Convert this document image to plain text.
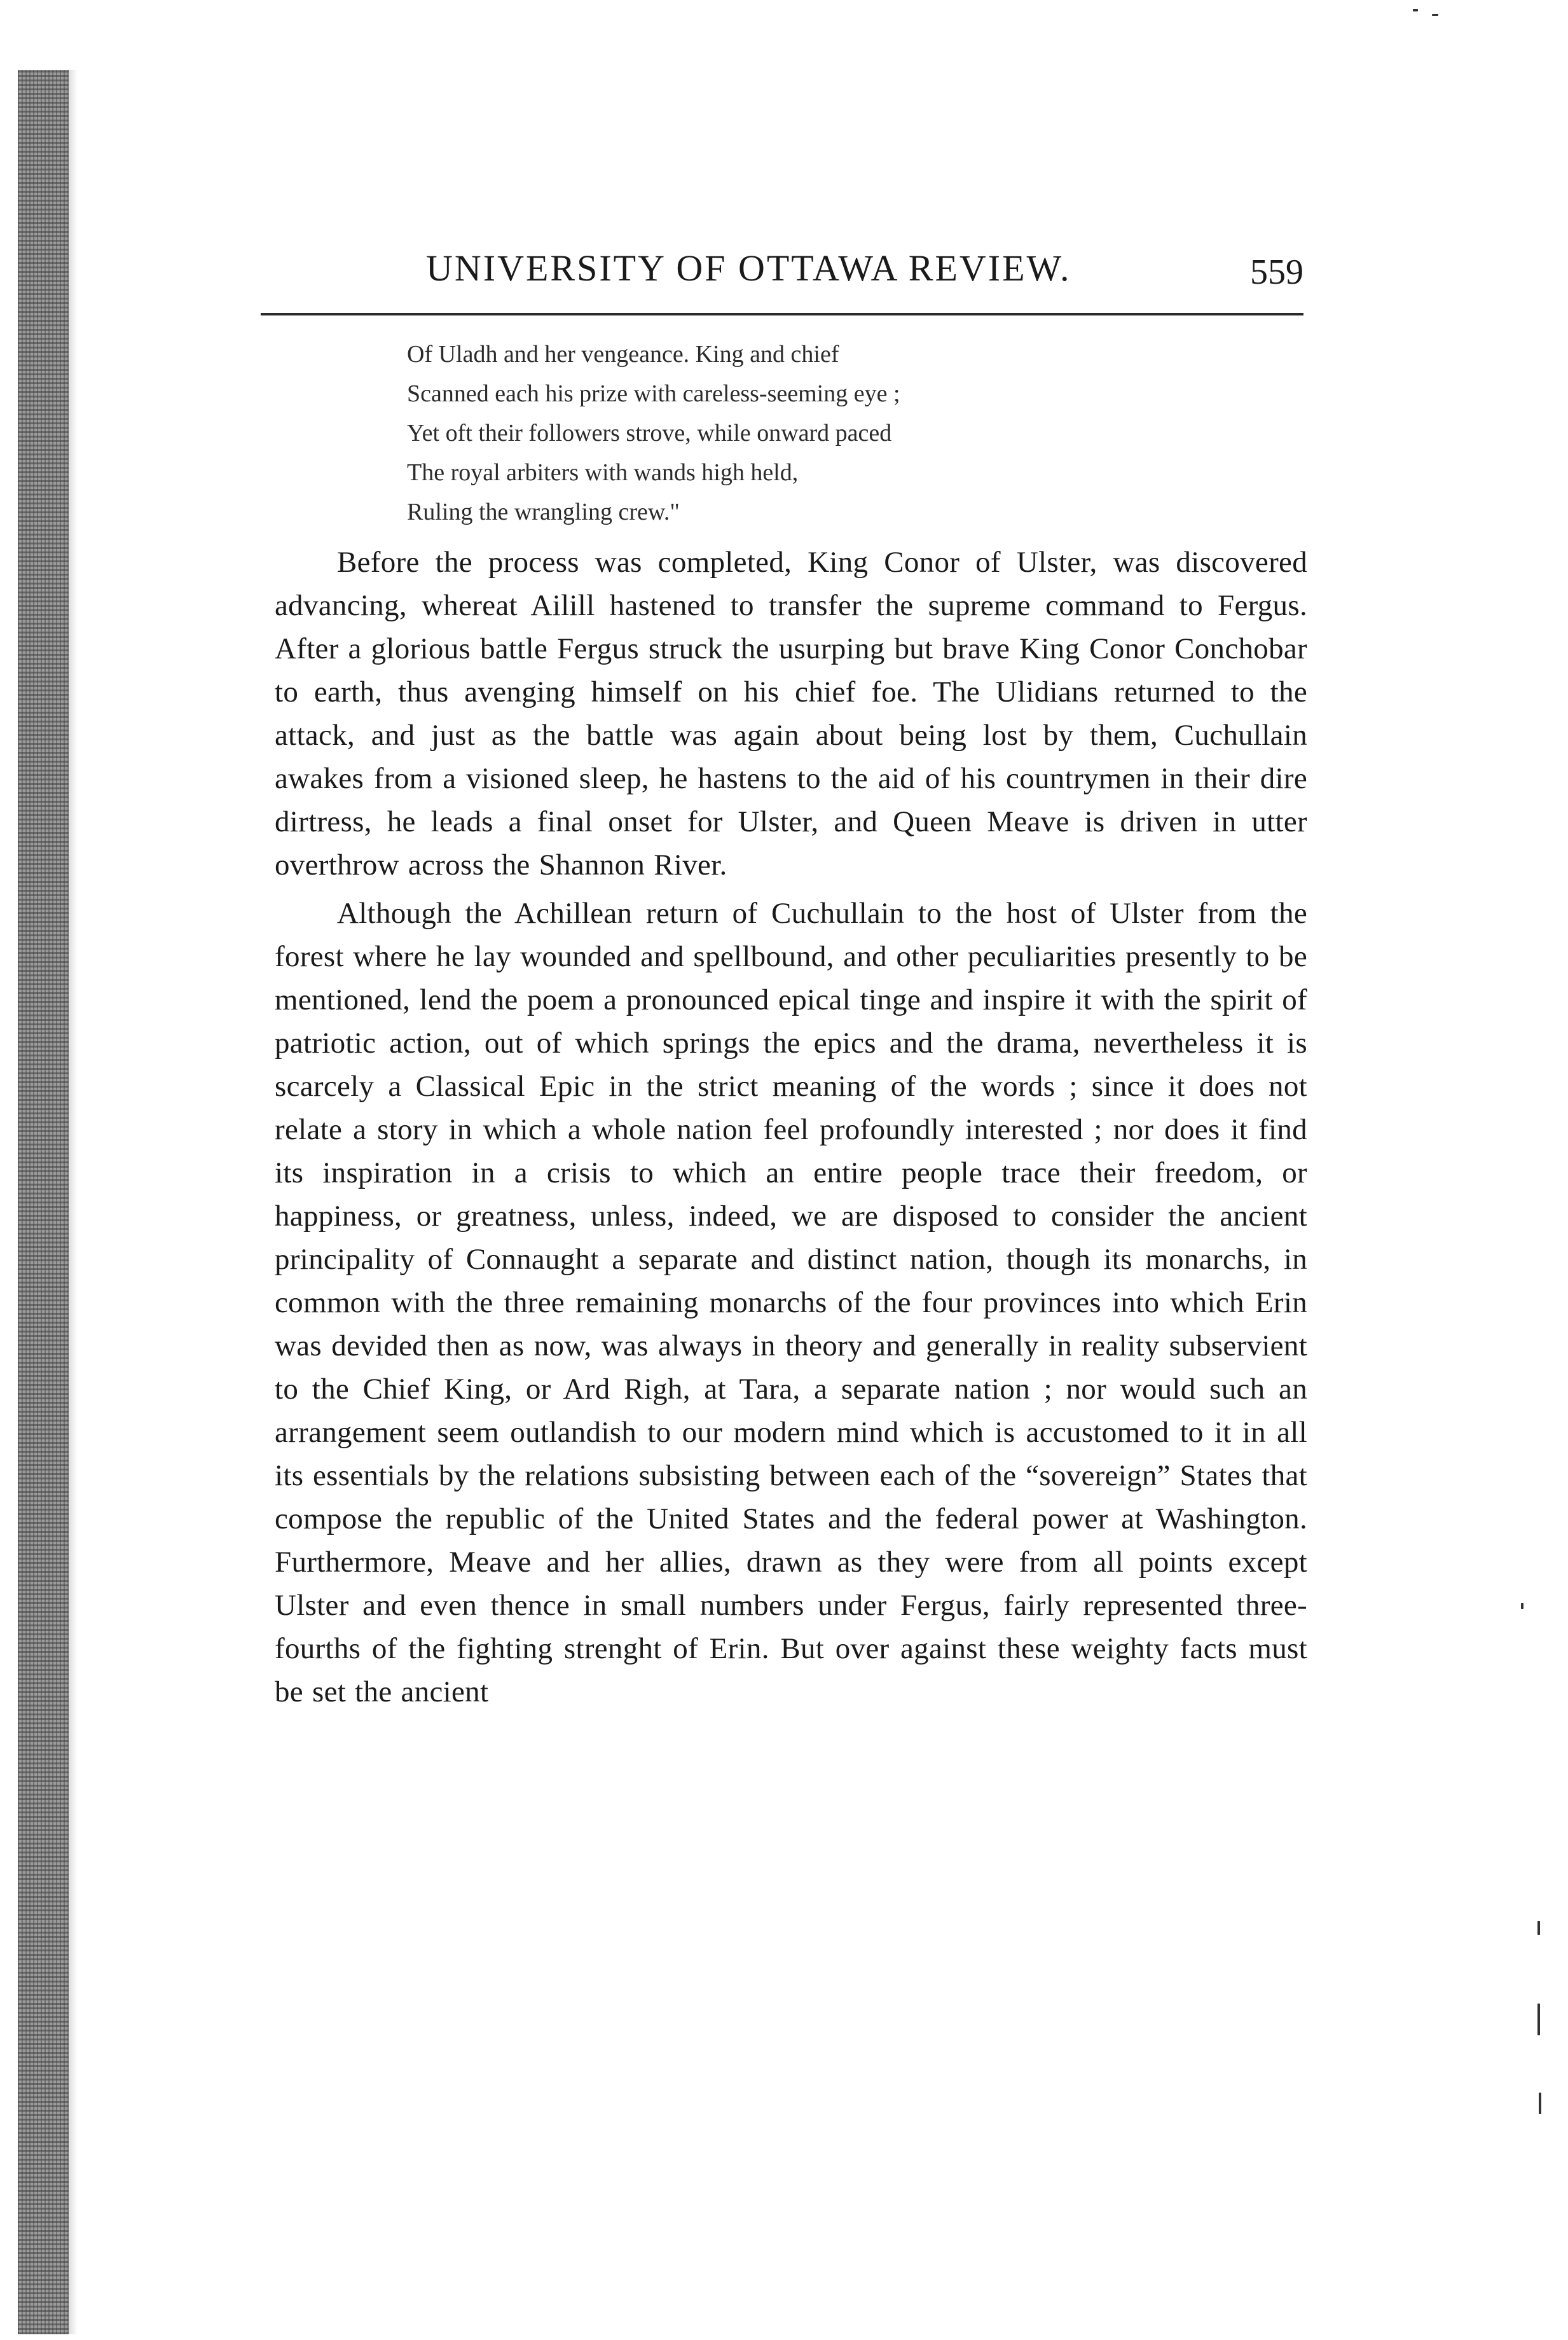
UNIVERSITY OF OTTAWA REVIEW.	559
Of Uladh and her vengeance. King and chief
Scanned each his prize with careless-seeming eye ;
Yet oft their followers strove, while onward paced
The royal arbiters with wands high held,
Ruling the wrangling crew."

Before the process was completed, King Conor of Ulster, was discovered advancing, whereat Ailill hastened to transfer the supreme command to Fergus. After a glorious battle Fergus struck the usurping but brave King Conor Conchobar to earth, thus avenging himself on his chief foe. The Ulidians returned to the attack, and just as the battle was again about being lost by them, Cuchullain awakes from a visioned sleep, he hastens to the aid of his countrymen in their dire dirtress, he leads a final onset for Ulster, and Queen Meave is driven in utter overthrow across the Shannon River.

Although the Achillean return of Cuchullain to the host of Ulster from the forest where he lay wounded and spellbound, and other peculiarities presently to be mentioned, lend the poem a pronounced epical tinge and inspire it with the spirit of patriotic action, out of which springs the epics and the drama, nevertheless it is scarcely a Classical Epic in the strict meaning of the words ; since it does not relate a story in which a whole nation feel profoundly interested ; nor does it find its inspiration in a crisis to which an entire people trace their freedom, or happiness, or greatness, unless, indeed, we are disposed to consider the ancient principality of Connaught a separate and distinct nation, though its monarchs, in common with the three remaining monarchs of the four provinces into which Erin was devided then as now, was always in theory and generally in reality subservient to the Chief King, or Ard Righ, at Tara, a separate nation ; nor would such an arrangement seem outlandish to our modern mind which is accustomed to it in all its essentials by the relations subsisting between each of the “sovereign” States that compose the republic of the United States and the federal power at Washington. Furthermore, Meave and her allies, drawn as they were from all points except Ulster and even thence in small numbers under Fergus, fairly represented three-fourths of the fighting strenght of Erin. But over against these weighty facts must be set the ancient
